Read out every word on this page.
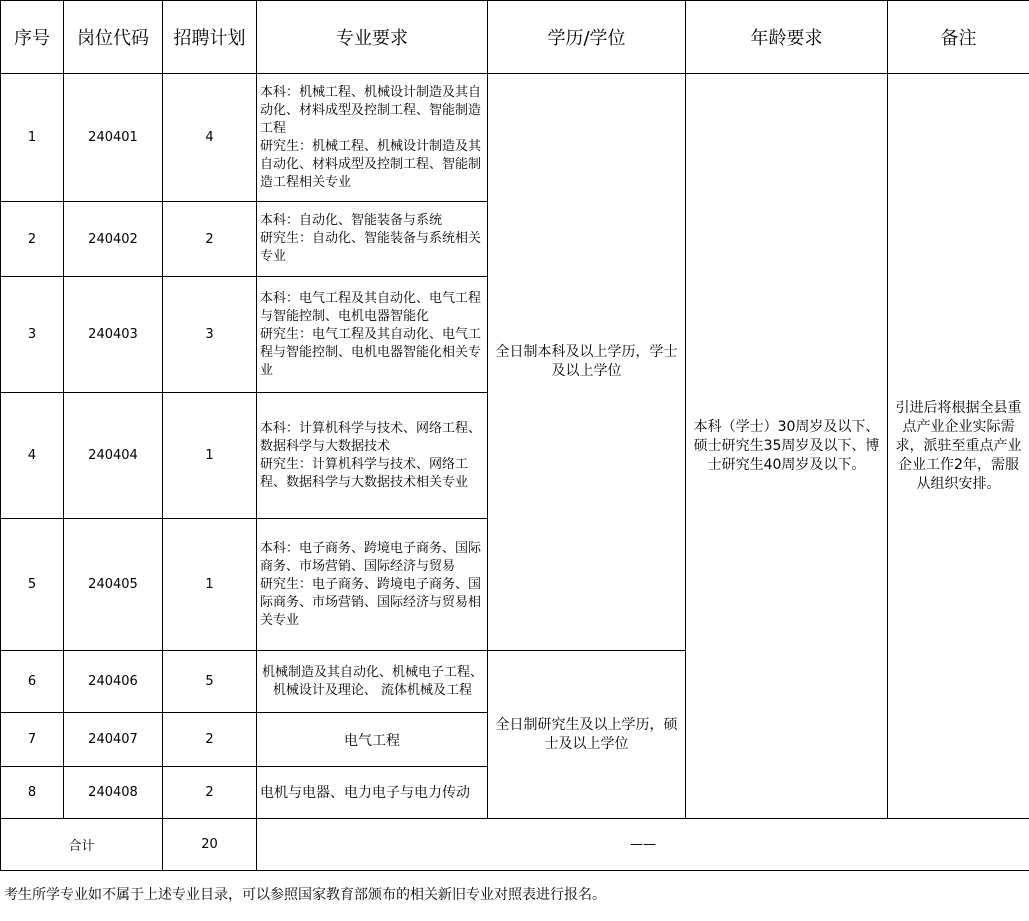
序号	岗位代码	招聘计划	专业要求	学历/学位	年龄要求	备注
1	240401	4	本科：机械工程、机械设计制造及其自动化、材料成型及控制工程、智能制造工程
研究生：机械工程、机械设计制造及其自动化、材料成型及控制工程、智能制造工程相关专业	全日制本科及以上学历，学士及以上学位	本科（学士）30周岁及以下、硕士研究生35周岁及以下、博士研究生40周岁及以下。	引进后将根据全县重点产业企业实际需求，派驻至重点产业企业工作2年，需服从组织安排。
2	240402	2	本科：自动化、智能装备与系统
研究生：自动化、智能装备与系统相关专业			
3	240403	3	本科：电气工程及其自动化、电气工程与智能控制、电机电器智能化
研究生：电气工程及其自动化、电气工程与智能控制、电机电器智能化相关专业			
4	240404	1	本科：计算机科学与技术、网络工程、数据科学与大数据技术
研究生：计算机科学与技术、网络工程、数据科学与大数据技术相关专业			
5	240405	1	本科：电子商务、跨境电子商务、国际商务、市场营销、国际经济与贸易
研究生：电子商务、跨境电子商务、国际商务、市场营销、国际经济与贸易相关专业			
6	240406	5	机械制造及其自动化、机械电子工程、机械设计及理论、 流体机械及工程	全日制研究生及以上学历，硕士及以上学位		
7	240407	2	电气工程			
8	240408	2	电机与电器、电力电子与电力传动			
合计		20	——			
考生所学专业如不属于上述专业目录，可以参照国家教育部颁布的相关新旧专业对照表进行报名。
